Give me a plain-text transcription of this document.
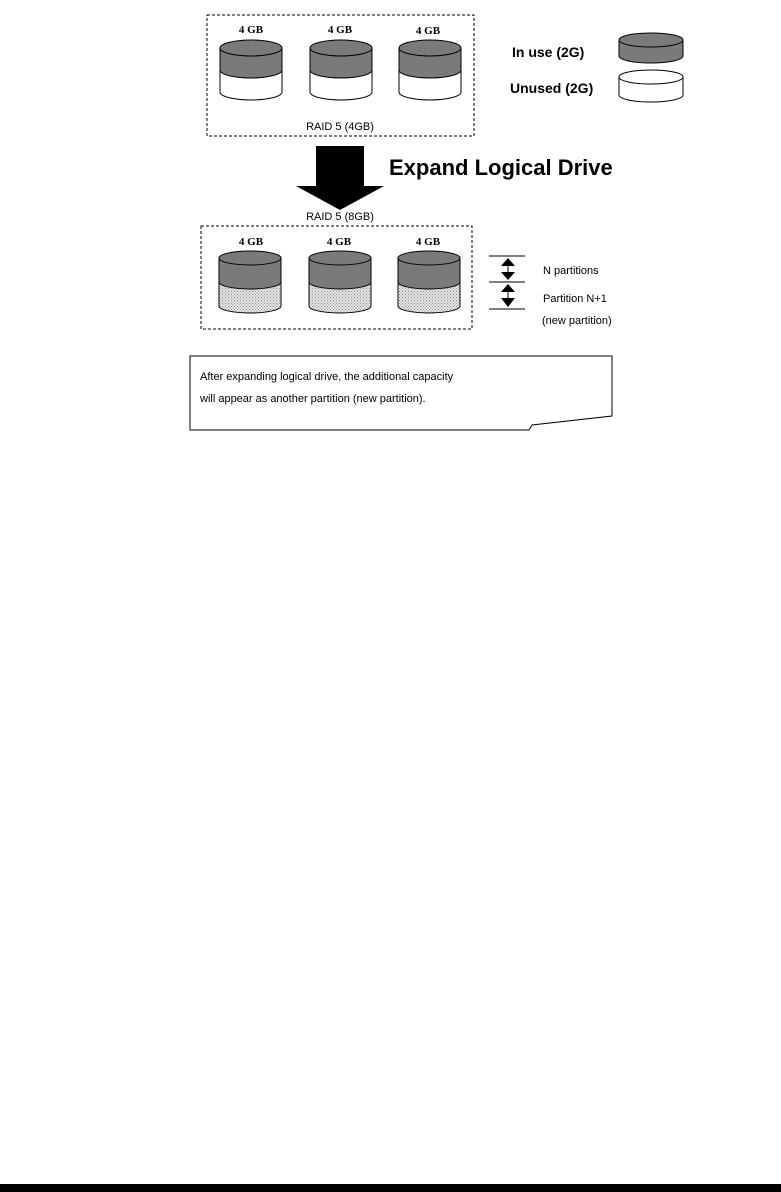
4 GB	4 GB	4 GB
RAID 5 (4GB)
In use (2G)
Unused (2G)
Expand Logical Drive
RAID 5 (8GB)
4 GB	4 GB	4 GB
N partitions
Partition N+1
(new partition)
After expanding logical drive, the additional capacity
will appear as another partition (new partition).
